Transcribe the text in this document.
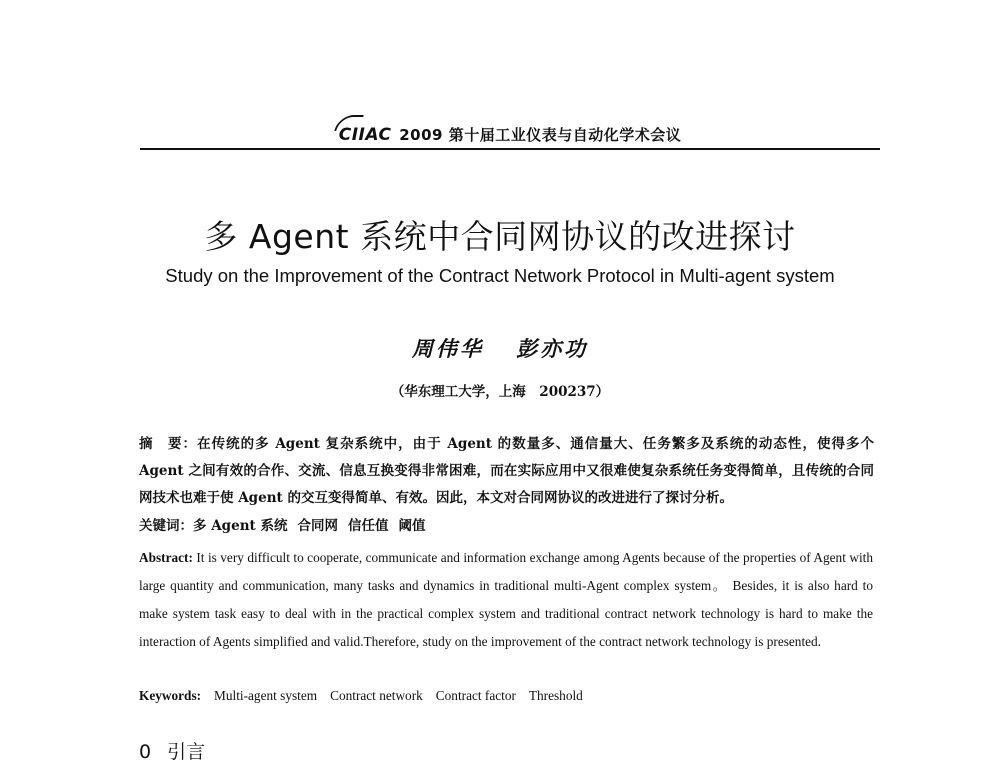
CIIAC 2009 第十届工业仪表与自动化学术会议
多 Agent 系统中合同网协议的改进探讨
Study on the Improvement of the Contract Network Protocol in Multi-agent system
周伟华 彭亦功
（华东理工大学，上海　200237）
摘　要：在传统的多 Agent 复杂系统中，由于 Agent 的数量多、通信量大、任务繁多及系统的动态性，使得多个 Agent 之间有效的合作、交流、信息互换变得非常困难，而在实际应用中又很难使复杂系统任务变得简单，且传统的合同网技术也难于使 Agent 的交互变得简单、有效。因此，本文对合同网协议的改进进行了探讨分析。
关键词：多 Agent 系统 合同网 信任值 阈值
Abstract: It is very difficult to cooperate, communicate and information exchange among Agents because of the properties of Agent with large quantity and communication, many tasks and dynamics in traditional multi-Agent complex system。 Besides, it is also hard to make system task easy to deal with in the practical complex system and traditional contract network technology is hard to make the interaction of Agents simplified and valid.Therefore, study on the improvement of the contract network technology is presented.
Keywords: Multi-agent system Contract network Contract factor Threshold
0 引言
